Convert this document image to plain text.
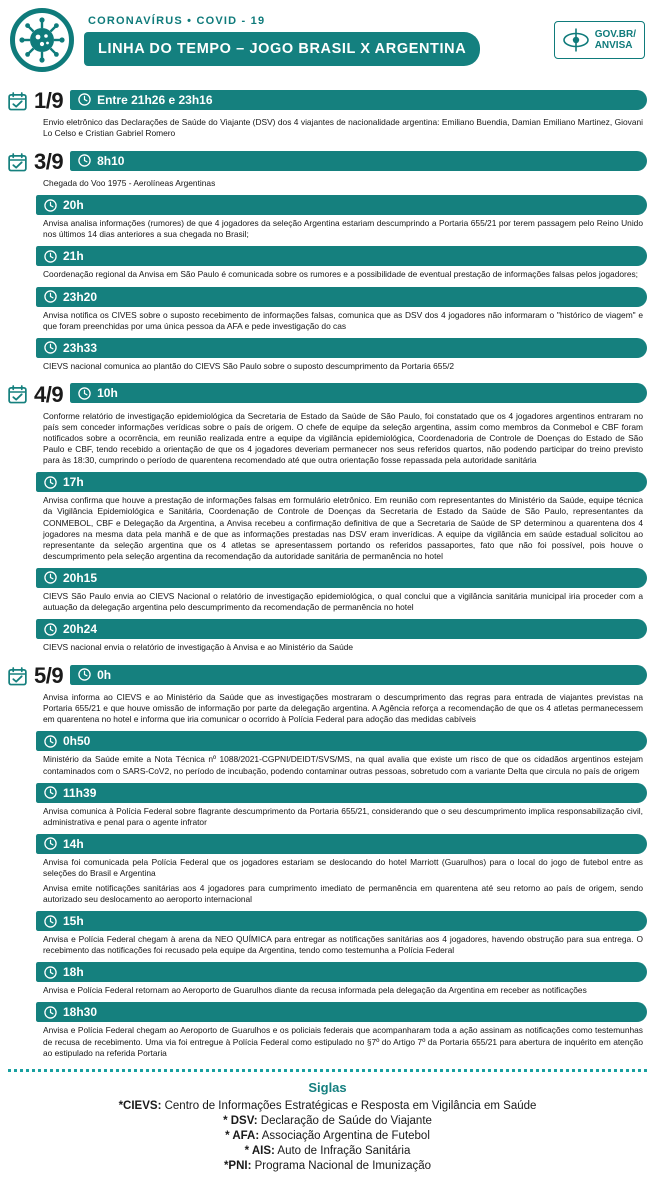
CORONAVÍRUS • COVID - 19
LINHA DO TEMPO – JOGO BRASIL X ARGENTINA
GOV.BR/
ANVISA
1/9	Entre 21h26 e 23h16

Envio eletrônico das Declarações de Saúde do Viajante (DSV) dos 4 viajantes de nacionalidade argentina: Emiliano Buendia, Damian Emiliano Martinez, Giovani Lo Celso e Cristian Gabriel Romero

3/9	8h10

Chegada do Voo 1975 - Aerolíneas Argentinas

20h

Anvisa analisa informações (rumores) de que 4 jogadores da seleção Argentina estariam descumprindo a Portaria 655/21 por terem passagem pelo Reino Unido nos últimos 14 dias anteriores a sua chegada no Brasil;

21h

Coordenação regional da Anvisa em São Paulo é comunicada sobre os rumores e a possibilidade de eventual prestação de informações falsas pelos jogadores;

23h20

Anvisa notifica os CIVES sobre o suposto recebimento de informações falsas, comunica que as DSV dos 4 jogadores não informaram o "histórico de viagem" e que foram preenchidas por uma única pessoa da AFA e pede investigação do cas

23h33

CIEVS nacional comunica ao plantão do CIEVS São Paulo sobre o suposto descumprimento da Portaria 655/2

4/9	10h

Conforme relatório de investigação epidemiológica da Secretaria de Estado da Saúde de São Paulo, foi constatado que os 4 jogadores argentinos entraram no país sem conceder informações verídicas sobre o país de origem. O chefe de equipe da seleção argentina, assim como membros da Conmebol e CBF foram notificados sobre a ocorrência, em reunião realizada entre a equipe da vigilância epidemiológica, Coordenadoria de Controle de Doenças do Estado de São Paulo e CBF, tendo recebido a orientação de que os 4 jogadores deveriam permanecer nos seus referidos quartos, não podendo participar do treino previsto para às 18:30, cumprindo o período de quarentena recomendado até que outra orientação fosse repassada pela autoridade sanitária

17h

Anvisa confirma que houve a prestação de informações falsas em formulário eletrônico. Em reunião com representantes do Ministério da Saúde, equipe técnica da Vigilância Epidemiológica e Sanitária, Coordenação de Controle de Doenças da Secretaria de Estado da Saúde de São Paulo, representantes da CONMEBOL, CBF e Delegação da Argentina, a Anvisa recebeu a confirmação definitiva de que a Secretaria de Saúde de SP determinou a quarentena dos 4 jogadores na mesma data pela manhã e de que as informações prestadas nas DSV eram inverídicas. A equipe da vigilância em saúde estadual solicitou ao representante da seleção argentina que os 4 atletas se apresentassem portando os referidos passaportes, fato que não foi possível, pois houve o descumprimento pela seleção argentina da recomendação da autoridade sanitária de permanência no hotel

20h15

CIEVS São Paulo envia ao CIEVS Nacional o relatório de investigação epidemiológica, o qual conclui que a vigilância sanitária municipal iria proceder com a autuação da delegação argentina pelo descumprimento da recomendação de permanência no hotel

20h24

CIEVS nacional envia o relatório de investigação à Anvisa e ao Ministério da Saúde

5/9	0h

Anvisa informa ao CIEVS e ao Ministério da Saúde que as investigações mostraram o descumprimento das regras para entrada de viajantes previstas na Portaria 655/21 e que houve omissão de informação por parte da delegação argentina. A Agência reforça a recomendação de que os 4 atletas permanecessem em quarentena no hotel e informa que iria comunicar o ocorrido à Polícia Federal para adoção das medidas cabíveis

0h50

Ministério da Saúde emite a Nota Técnica nº 1088/2021-CGPNI/DEIDT/SVS/MS, na qual avalia que existe um risco de que os cidadãos argentinos estejam contaminados com o SARS-CoV2, no período de incubação, podendo contaminar outras pessoas, sobretudo com a variante Delta que circula no país de origem

11h39

Anvisa comunica à Polícia Federal sobre flagrante descumprimento da Portaria 655/21, considerando que o seu descumprimento implica responsabilização civil, administrativa e penal para o agente infrator

14h

Anvisa foi comunicada pela Polícia Federal que os jogadores estariam se deslocando do hotel Marriott (Guarulhos) para o local do jogo de futebol entre as seleções do Brasil e Argentina

Anvisa emite notificações sanitárias aos 4 jogadores para cumprimento imediato de permanência em quarentena até seu retorno ao país de origem, sendo autorizado seu deslocamento ao aeroporto internacional

15h

Anvisa e Polícia Federal chegam à arena da NEO QUÍMICA para entregar as notificações sanitárias aos 4 jogadores, havendo obstrução para sua entrega. O recebimento das notificações foi recusado pela equipe da Argentina, tendo como testemunha a Polícia Federal

18h

Anvisa e Polícia Federal retornam ao Aeroporto de Guarulhos diante da recusa informada pela delegação da Argentina em receber as notificações

18h30

Anvisa e Polícia Federal chegam ao Aeroporto de Guarulhos e os policiais federais que acompanharam toda a ação assinam as notificações como testemunhas de recusa de recebimento. Uma via foi entregue à Polícia Federal como estipulado no §7º do Artigo 7º da Portaria 655/21 para abertura de inquérito em atenção ao estipulado na referida Portaria

Siglas
*CIEVS: Centro de Informações Estratégicas e Resposta em Vigilância em Saúde
* DSV: Declaração de Saúde do Viajante
* AFA: Associação Argentina de Futebol
* AIS: Auto de Infração Sanitária
*PNI: Programa Nacional de Imunização
